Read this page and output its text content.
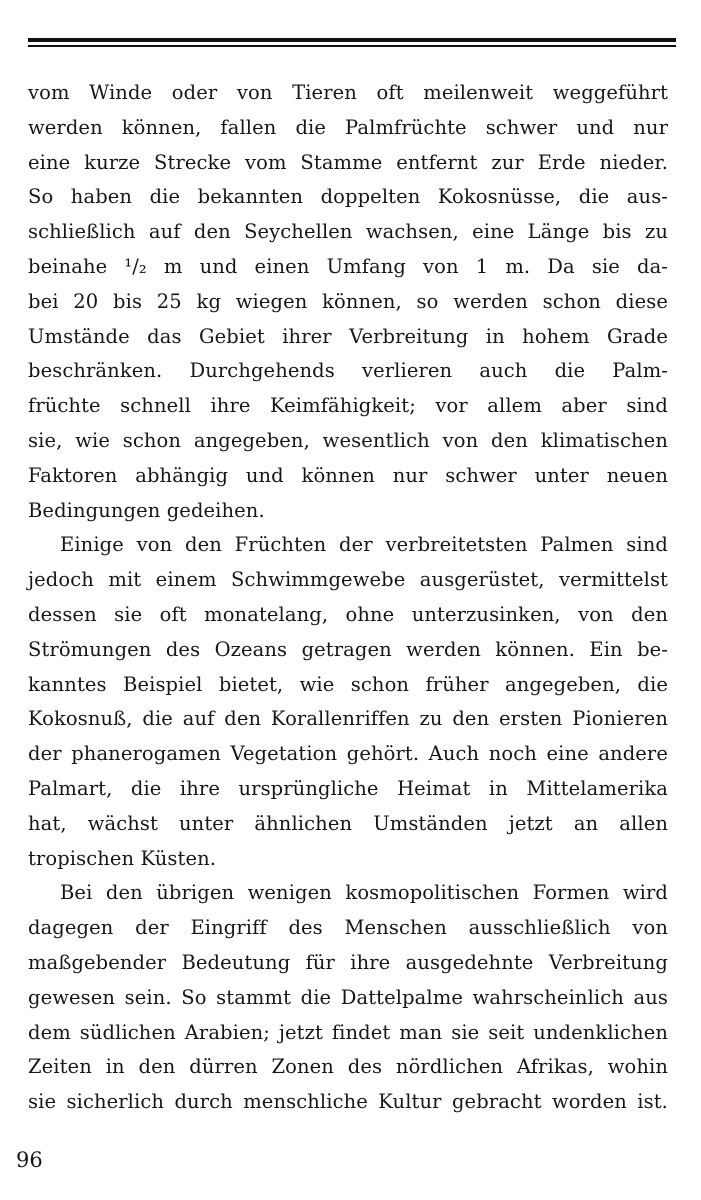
vom Winde oder von Tieren oft meilenweit weggeführt
werden können, fallen die Palmfrüchte schwer und nur
eine kurze Strecke vom Stamme entfernt zur Erde nieder.
So haben die bekannten doppelten Kokosnüsse, die aus-
schließlich auf den Seychellen wachsen, eine Länge bis zu
beinahe ¹/₂ m und einen Umfang von 1 m. Da sie da-
bei 20 bis 25 kg wiegen können, so werden schon diese
Umstände das Gebiet ihrer Verbreitung in hohem Grade
beschränken. Durchgehends verlieren auch die Palm-
früchte schnell ihre Keimfähigkeit; vor allem aber sind
sie, wie schon angegeben, wesentlich von den klimatischen
Faktoren abhängig und können nur schwer unter neuen
Bedingungen gedeihen.
Einige von den Früchten der verbreitetsten Palmen sind
jedoch mit einem Schwimmgewebe ausgerüstet, vermittelst
dessen sie oft monatelang, ohne unterzusinken, von den
Strömungen des Ozeans getragen werden können. Ein be-
kanntes Beispiel bietet, wie schon früher angegeben, die
Kokosnuß, die auf den Korallenriffen zu den ersten Pionieren
der phanerogamen Vegetation gehört. Auch noch eine andere
Palmart, die ihre ursprüngliche Heimat in Mittelamerika
hat, wächst unter ähnlichen Umständen jetzt an allen
tropischen Küsten.
Bei den übrigen wenigen kosmopolitischen Formen wird
dagegen der Eingriff des Menschen ausschließlich von
maßgebender Bedeutung für ihre ausgedehnte Verbreitung
gewesen sein. So stammt die Dattelpalme wahrscheinlich aus
dem südlichen Arabien; jetzt findet man sie seit undenklichen
Zeiten in den dürren Zonen des nördlichen Afrikas, wohin
sie sicherlich durch menschliche Kultur gebracht worden ist.
96
